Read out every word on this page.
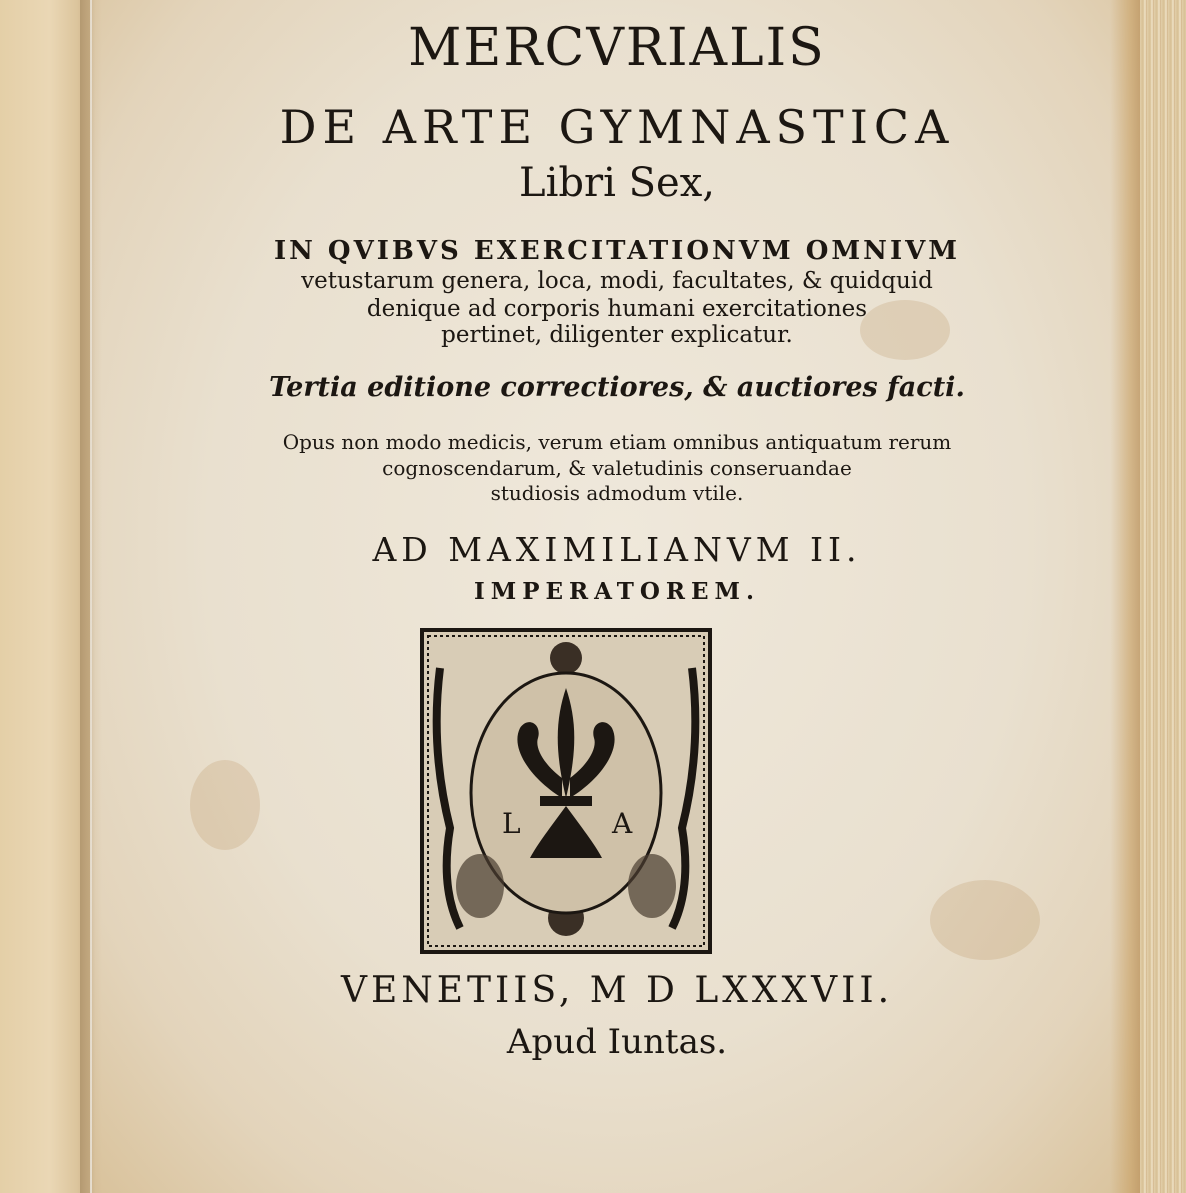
MERCVRIALIS
DE ARTE GYMNASTICA
Libri Sex,
IN QVIBVS EXERCITATIONVM OMNIVM
vetustarum genera, loca, modi, facultates, & quidquid
denique ad corporis humani exercitationes
pertinet, diligenter explicatur.
Tertia editione correctiores, & auctiores facti.
Opus non modo medicis, verum etiam omnibus antiquatum rerum
cognoscendarum, & valetudinis conseruandae
studiosis admodum vtile.
AD MAXIMILIANVM II.
IMPERATOREM.
L	A
VENETIIS, M D LXXXVII.
Apud Iuntas.
